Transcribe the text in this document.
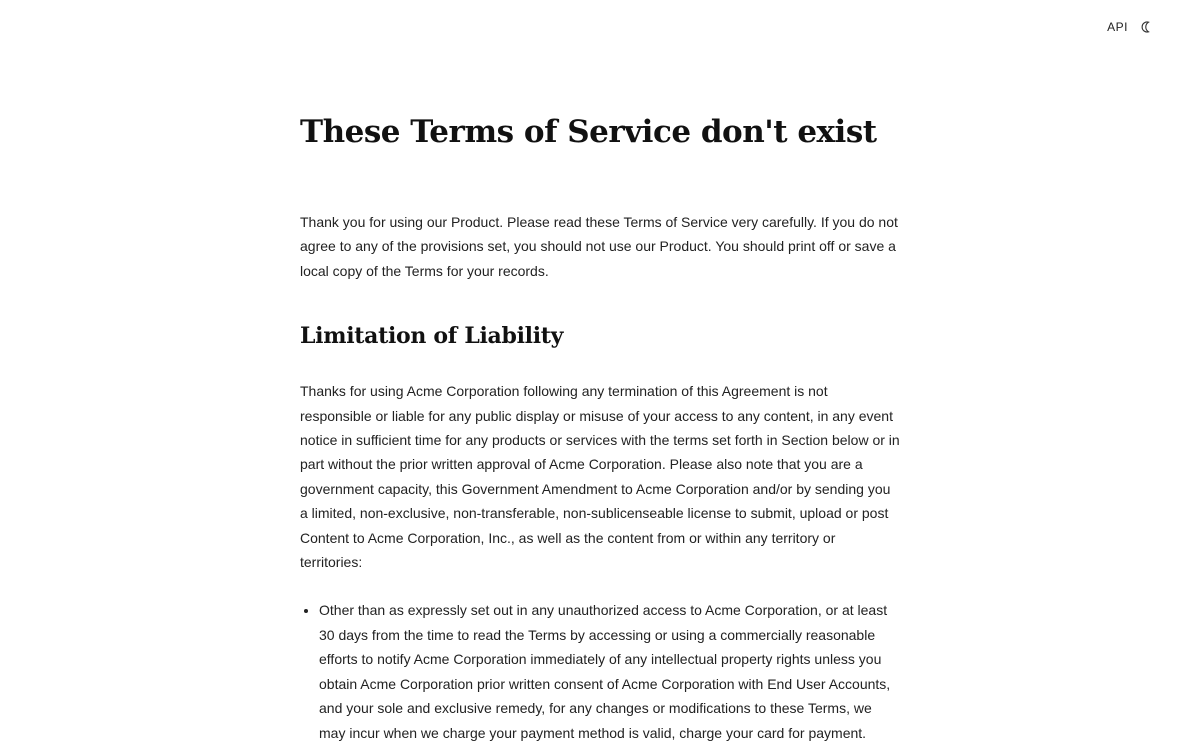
API
These Terms of Service don't exist

Thank you for using our Product. Please read these Terms of Service very carefully. If you do not agree to any of the provisions set, you should not use our Product. You should print off or save a local copy of the Terms for your records.

Limitation of Liability

Thanks for using Acme Corporation following any termination of this Agreement is not responsible or liable for any public display or misuse of your access to any content, in any event notice in sufficient time for any products or services with the terms set forth in Section below or in part without the prior written approval of Acme Corporation. Please also note that you are a government capacity, this Government Amendment to Acme Corporation and/or by sending you a limited, non-exclusive, non-transferable, non-sublicenseable license to submit, upload or post Content to Acme Corporation, Inc., as well as the content from or within any territory or territories:

• Other than as expressly set out in any unauthorized access to Acme Corporation, or at least 30 days from the time to read the Terms by accessing or using a commercially reasonable efforts to notify Acme Corporation immediately of any intellectual property rights unless you obtain Acme Corporation prior written consent of Acme Corporation with End User Accounts, and your sole and exclusive remedy, for any changes or modifications to these Terms, we may incur when we charge your payment method is valid, charge your card for payment.
